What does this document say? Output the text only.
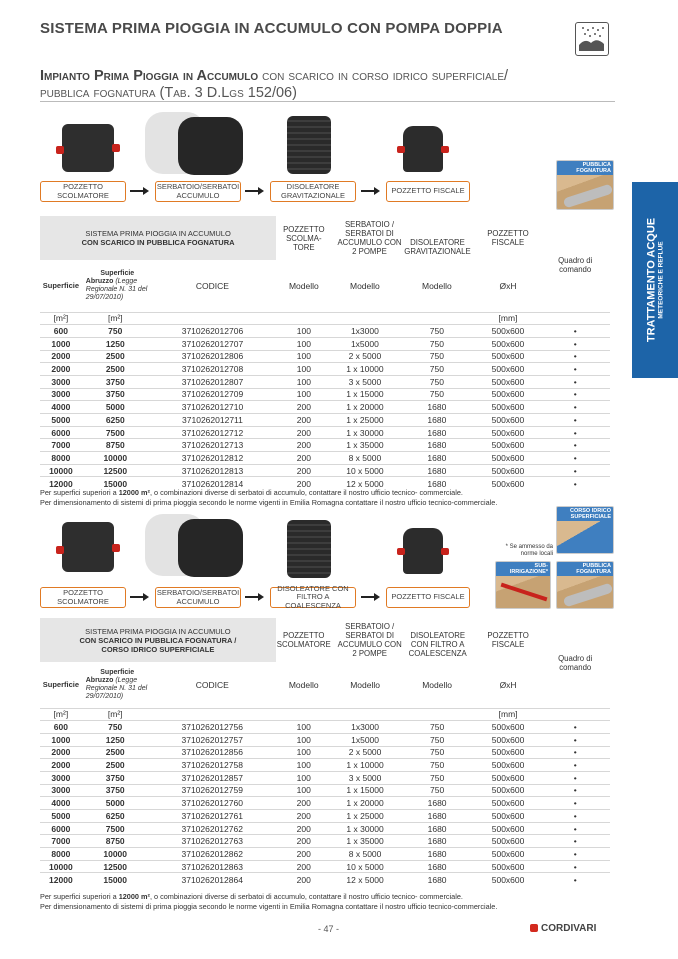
SISTEMA PRIMA PIOGGIA IN ACCUMULO CON POMPA DOPPIA
Impianto Prima Pioggia in Accumulo con scarico in corso idrico superficiale/
pubblica fognatura (Tab. 3 D.Lgs 152/06)
TRATTAMENTO ACQUE METEORICHE E REFLUE
PUBBLICA FOGNATURA
POZZETTO SCOLMATORE
SERBATOIO/SERBATOI ACCUMULO
DISOLEATORE GRAVITAZIONALE	POZZETTO FISCALE
SISTEMA PRIMA PIOGGIA IN ACCUMULO
CON SCARICO IN PUBBLICA FOGNATURA			POZZETTO SCOLMA-TORE	SERBATOIO / SERBATOI DI ACCUMULO CON 2 POMPE
DISOLEATORE GRAVITAZIONALE		POZZETTO FISCALE	Quadro di comando
Superficie	Superficie
Abruzzo (Legge Regionale N. 31 del 29/07/2010)	CODICE	Modello	Modello	Modello	ØxH	
[m²]	[m²]					[mm]	
600	750	3710262012706	100	1x3000	750	500x600	•
1000	1250	3710262012707	100	1x5000	750	500x600	•
2000	2500	3710262012806	100	2 x 5000	750	500x600	•
2000	2500	3710262012708	100	1 x 10000	750	500x600	•
3000	3750	3710262012807	100	3 x 5000	750	500x600	•
3000	3750	3710262012709	100	1 x 15000	750	500x600	•
4000	5000	3710262012710	200	1 x 20000	1680	500x600	•
5000	6250	3710262012711	200	1 x 25000	1680	500x600	•
6000	7500	3710262012712	200	1 x 30000	1680	500x600	•
7000	8750	3710262012713	200	1 x 35000	1680	500x600	•
8000	10000	3710262012812	200	8 x 5000	1680	500x600	•
10000	12500	3710262012813	200	10 x 5000	1680	500x600	•
12000	15000	3710262012814	200	12 x 5000	1680	500x600	•
Per superfici superiori a 12000 m², o combinazioni diverse di serbatoi di accumulo, contattare il nostro ufficio tecnico- commerciale.
Per dimensionamento di sistemi di prima pioggia secondo le norme vigenti in Emilia Romagna contattare il nostro ufficio tecnico-commerciale.
CORSO IDRICO SUPERFICIALE
* Se ammesso da norme locali
SUB-IRRIGAZIONE*
PUBBLICA FOGNATURA
POZZETTO SCOLMATORE
SERBATOIO/SERBATOI ACCUMULO
DISOLEATORE CON FILTRO A COALESCENZA
POZZETTO FISCALE
SISTEMA PRIMA PIOGGIA IN ACCUMULO
CON SCARICO IN PUBBLICA FOGNATURA /
CORSO IDRICO SUPERFICIALE			POZZETTO SCOLMATORE	SERBATOIO / SERBATOI DI ACCUMULO CON 2 POMPE
DISOLEATORE CON FILTRO A COALESCENZA		POZZETTO FISCALE	Quadro di comando
Superficie	Superficie
Abruzzo (Legge Regionale N. 31 del 29/07/2010)	CODICE	Modello	Modello	Modello	ØxH	
[m²]	[m²]					[mm]	
600	750	3710262012756	100	1x3000	750	500x600	•
1000	1250	3710262012757	100	1x5000	750	500x600	•
2000	2500	3710262012856	100	2 x 5000	750	500x600	•
2000	2500	3710262012758	100	1 x 10000	750	500x600	•
3000	3750	3710262012857	100	3 x 5000	750	500x600	•
3000	3750	3710262012759	100	1 x 15000	750	500x600	•
4000	5000	3710262012760	200	1 x 20000	1680	500x600	•
5000	6250	3710262012761	200	1 x 25000	1680	500x600	•
6000	7500	3710262012762	200	1 x 30000	1680	500x600	•
7000	8750	3710262012763	200	1 x 35000	1680	500x600	•
8000	10000	3710262012862	200	8 x 5000	1680	500x600	•
10000	12500	3710262012863	200	10 x 5000	1680	500x600	•
12000	15000	3710262012864	200	12 x 5000	1680	500x600	•
Per superfici superiori a 12000 m², o combinazioni diverse di serbatoi di accumulo, contattare il nostro ufficio tecnico- commerciale.
Per dimensionamento di sistemi di prima pioggia secondo le norme vigenti in Emilia Romagna contattare il nostro ufficio tecnico-commerciale.
- 47 -	CORDIVARI
